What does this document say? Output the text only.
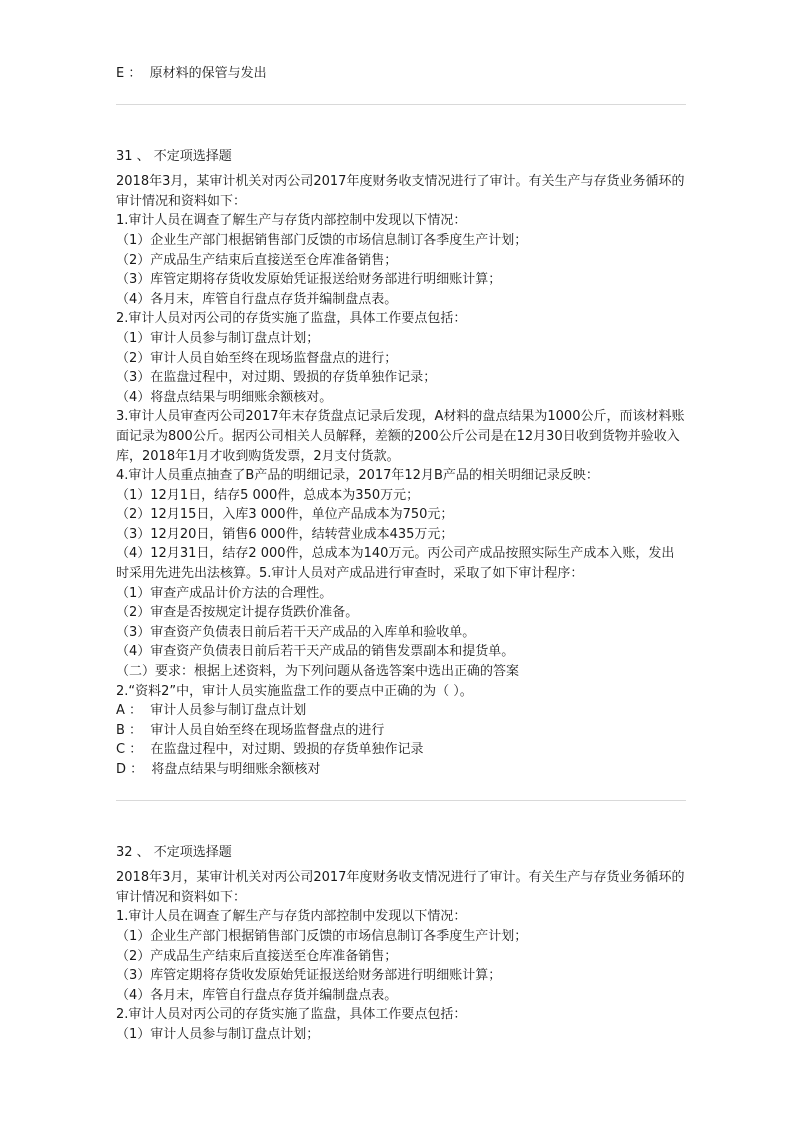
E ：  原材料的保管与发出
31 、 不定项选择题
2018年3月，某审计机关对丙公司2017年度财务收支情况进行了审计。有关生产与存货业务循环的审计情况和资料如下：
1.审计人员在调查了解生产与存货内部控制中发现以下情况：
（1）企业生产部门根据销售部门反馈的市场信息制订各季度生产计划；
（2）产成品生产结束后直接送至仓库准备销售；
（3）库管定期将存货收发原始凭证报送给财务部进行明细账计算；
（4）各月末，库管自行盘点存货并编制盘点表。
2.审计人员对丙公司的存货实施了监盘，具体工作要点包括：
（1）审计人员参与制订盘点计划；
（2）审计人员自始至终在现场监督盘点的进行；
（3）在监盘过程中，对过期、毁损的存货单独作记录；
（4）将盘点结果与明细账余额核对。
3.审计人员审查丙公司2017年末存货盘点记录后发现，A材料的盘点结果为1000公斤，而该材料账面记录为800公斤。据丙公司相关人员解释，差额的200公斤公司是在12月30日收到货物并验收入库，2018年1月才收到购货发票，2月支付货款。
4.审计人员重点抽查了B产品的明细记录，2017年12月B产品的相关明细记录反映：
（1）12月1日，结存5 000件，总成本为350万元；
（2）12月15日，入库3 000件，单位产品成本为750元；
（3）12月20日，销售6 000件，结转营业成本435万元；
（4）12月31日，结存2 000件，总成本为140万元。丙公司产成品按照实际生产成本入账，发出时采用先进先出法核算。5.审计人员对产成品进行审查时，采取了如下审计程序：
（1）审查产成品计价方法的合理性。
（2）审查是否按规定计提存货跌价准备。
（3）审查资产负债表日前后若干天产成品的入库单和验收单。
（4）审查资产负债表日前后若干天产成品的销售发票副本和提货单。
（二）要求：根据上述资料，为下列问题从备选答案中选出正确的答案
2.“资料2”中，审计人员实施监盘工作的要点中正确的为（ ）。
A ：  审计人员参与制订盘点计划
B ：  审计人员自始至终在现场监督盘点的进行
C ：  在监盘过程中，对过期、毁损的存货单独作记录
D ：  将盘点结果与明细账余额核对
32 、 不定项选择题
2018年3月，某审计机关对丙公司2017年度财务收支情况进行了审计。有关生产与存货业务循环的审计情况和资料如下：
1.审计人员在调查了解生产与存货内部控制中发现以下情况：
（1）企业生产部门根据销售部门反馈的市场信息制订各季度生产计划；
（2）产成品生产结束后直接送至仓库准备销售；
（3）库管定期将存货收发原始凭证报送给财务部进行明细账计算；
（4）各月末，库管自行盘点存货并编制盘点表。
2.审计人员对丙公司的存货实施了监盘，具体工作要点包括：
（1）审计人员参与制订盘点计划；
